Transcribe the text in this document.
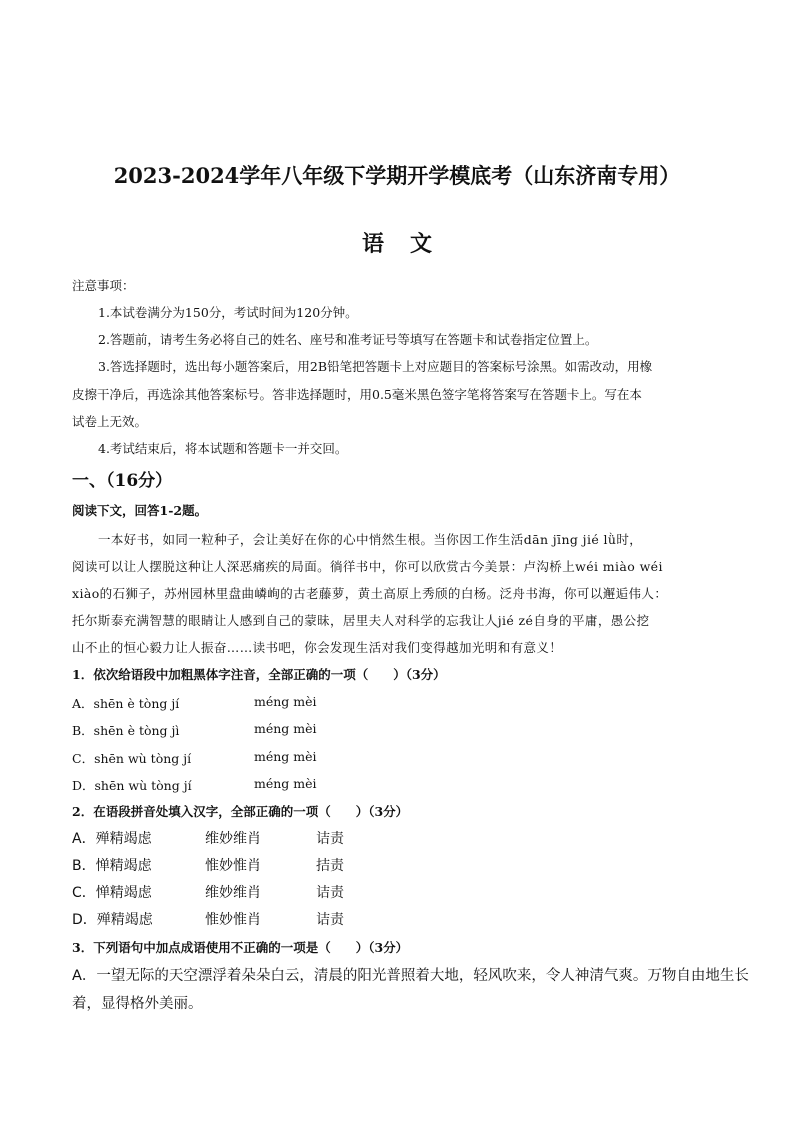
2023-2024学年八年级下学期开学模底考（山东济南专用）
语文
注意事项：
1.本试卷满分为150分，考试时间为120分钟。
2.答题前，请考生务必将自己的姓名、座号和准考证号等填写在答题卡和试卷指定位置上。
3.答选择题时，选出每小题答案后，用2B铅笔把答题卡上对应题目的答案标号涂黑。如需改动，用橡
皮擦干净后，再选涂其他答案标号。答非选择题时，用0.5毫米黑色签字笔将答案写在答题卡上。写在本
试卷上无效。
4.考试结束后，将本试题和答题卡一并交回。
一、（16分）
阅读下文，回答1-2题。
一本好书，如同一粒种子，会让美好在你的心中悄然生根。当你因工作生活dān jīng jié lǜ时，
阅读可以让人摆脱这种让人深恶痛疾的局面。徜徉书中，你可以欣赏古今美景：卢沟桥上wéi miào wéi
xiào的石狮子，苏州园林里盘曲嶙峋的古老藤萝，黄土高原上秀颀的白杨。泛舟书海，你可以邂逅伟人：
托尔斯泰充满智慧的眼睛让人感到自己的蒙昧，居里夫人对科学的忘我让人jié zé自身的平庸，愚公挖
山不止的恒心毅力让人振奋……读书吧，你会发现生活对我们变得越加光明和有意义！
1．依次给语段中加粗黑体字注音，全部正确的一项（　　）（3分）
A．shēn è tòng jí	méng mèi
B．shēn è tòng jì	méng mèi
C．shēn wù tòng jí	méng mèi
D．shēn wù tòng jí	méng mèi
2．在语段拼音处填入汉字，全部正确的一项（　　）（3分）
A．殚精竭虑	维妙维肖	诘责
B．惮精竭虑	惟妙惟肖	拮责
C．惮精竭虑	维妙维肖	诘责
D．殚精竭虑	惟妙惟肖	诘责
3．下列语句中加点成语使用不正确的一项是（　　）（3分）
A．一望无际的天空漂浮着朵朵白云，清晨的阳光普照着大地，轻风吹来，令人神清气爽。万物自由地生长
着，显得格外美丽。
